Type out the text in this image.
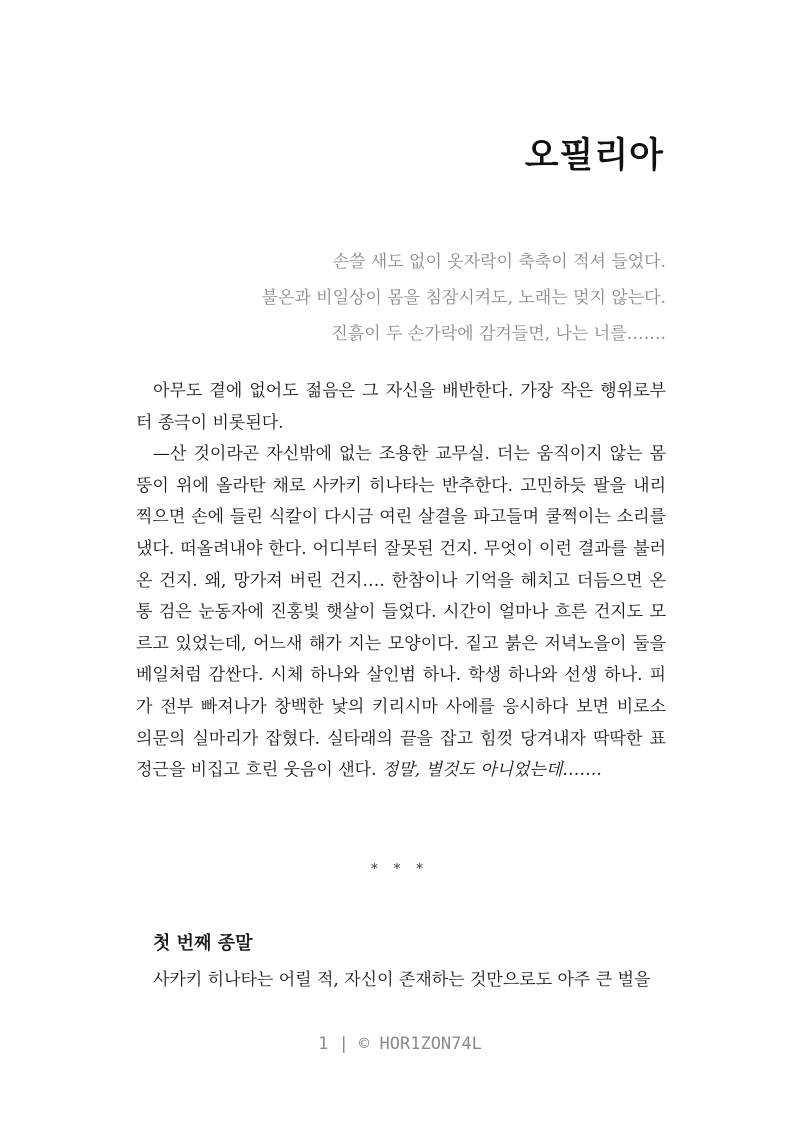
오필리아
손쓸 새도 없이 옷자락이 축축이 적셔 들었다.
불온과 비일상이 몸을 침잠시켜도, 노래는 멎지 않는다.
진흙이 두 손가락에 감겨들면, 나는 너를…….

아무도 곁에 없어도 젊음은 그 자신을 배반한다. 가장 작은 행위로부터 종극이 비롯된다.

—산 것이라곤 자신밖에 없는 조용한 교무실. 더는 움직이지 않는 몸뚱이 위에 올라탄 채로 사카키 히나타는 반추한다. 고민하듯 팔을 내리찍으면 손에 들린 식칼이 다시금 여린 살결을 파고들며 쿨쩍이는 소리를 냈다. 떠올려내야 한다. 어디부터 잘못된 건지. 무엇이 이런 결과를 불러온 건지. 왜, 망가져 버린 건지…. 한참이나 기억을 헤치고 더듬으면 온통 검은 눈동자에 진홍빛 햇살이 들었다. 시간이 얼마나 흐른 건지도 모르고 있었는데, 어느새 해가 지는 모양이다. 짙고 붉은 저녁노을이 둘을 베일처럼 감싼다. 시체 하나와 살인범 하나. 학생 하나와 선생 하나. 피가 전부 빠져나가 창백한 낯의 키리시마 사에를 응시하다 보면 비로소 의문의 실마리가 잡혔다. 실타래의 끝을 잡고 힘껏 당겨내자 딱딱한 표정근을 비집고 흐린 웃음이 샌다. 정말, 별것도 아니었는데…….

* * *
첫 번째 종말

사카키 히나타는 어릴 적, 자신이 존재하는 것만으로도 아주 큰 벌을

1 | © HOR1ZON74L
